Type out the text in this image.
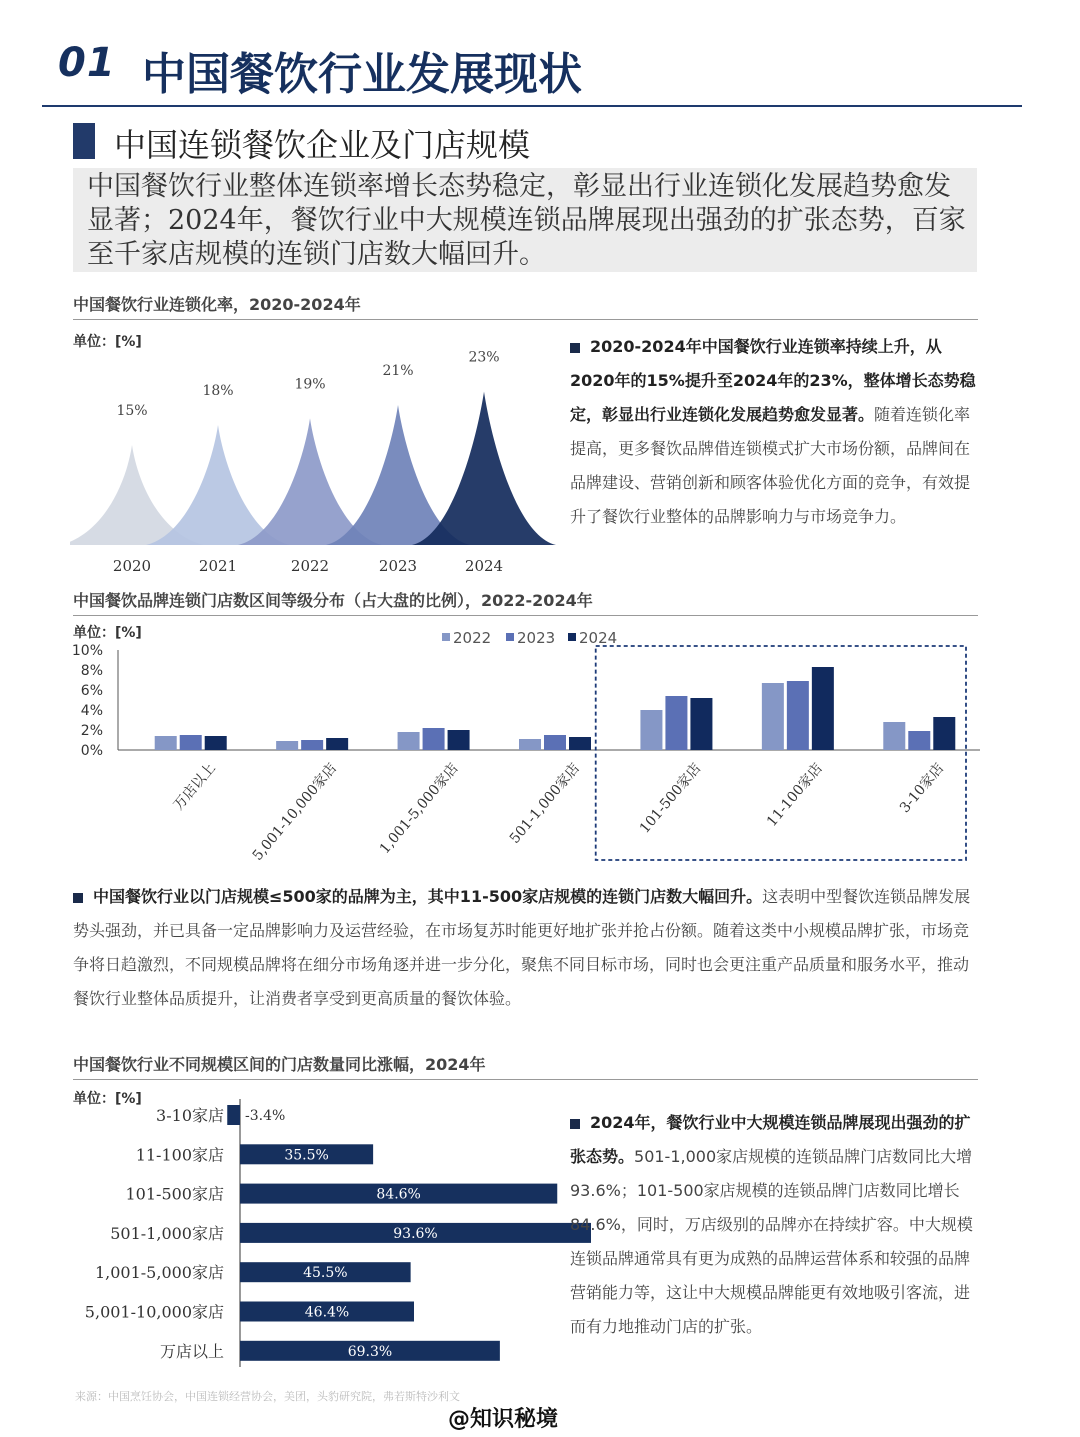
01 中国餐饮行业发展现状
中国连锁餐饮企业及门店规模
中国餐饮行业整体连锁率增长态势稳定，彰显出行业连锁化发展趋势愈发显著；2024年，餐饮行业中大规模连锁品牌展现出强劲的扩张态势，百家至千家店规模的连锁门店数大幅回升。
中国餐饮行业连锁化率，2020-2024年
单位：[%]
15%
2020
18%
2021
19%
2022
21%
2023
23%
2024
2020-2024年中国餐饮行业连锁率持续上升，从2020年的15%提升至2024年的23%，整体增长态势稳定，彰显出行业连锁化发展趋势愈发显著。随着连锁化率提高，更多餐饮品牌借连锁模式扩大市场份额，品牌间在品牌建设、营销创新和顾客体验优化方面的竞争，有效提升了餐饮行业整体的品牌影响力与市场竞争力。
中国餐饮品牌连锁门店数区间等级分布（占大盘的比例），2022-2024年
单位：[%]
0%
2%
4%
6%
8%
10%
2022 2023 2024
万店以上 5,001-10,000家店	1,001-5,000家店	501-1,000家店	101-500家店	11-100家店	3-10家店
中国餐饮行业以门店规模≤500家的品牌为主，其中11-500家店规模的连锁门店数大幅回升。这表明中型餐饮连锁品牌发展势头强劲，并已具备一定品牌影响力及运营经验，在市场复苏时能更好地扩张并抢占份额。随着这类中小规模品牌扩张，市场竞争将日趋激烈，不同规模品牌将在细分市场角逐并进一步分化，聚焦不同目标市场，同时也会更注重产品质量和服务水平，推动餐饮行业整体品质提升，让消费者享受到更高质量的餐饮体验。
中国餐饮行业不同规模区间的门店数量同比涨幅，2024年
单位：[%]
3-10家店 -3.4%
11-100家店	35.5%
101-500家店	84.6%
501-1,000家店	93.6%
1,001-5,000家店	45.5%
5,001-10,000家店	46.4%
万店以上	69.3%
2024年，餐饮行业中大规模连锁品牌展现出强劲的扩张态势。501-1,000家店规模的连锁品牌门店数同比大增93.6%；101-500家店规模的连锁品牌门店数同比增长84.6%，同时，万店级别的品牌亦在持续扩容。中大规模连锁品牌通常具有更为成熟的品牌运营体系和较强的品牌营销能力等，这让中大规模品牌能更有效地吸引客流，进而有力地推动门店的扩张。
来源：中国烹饪协会，中国连锁经营协会，美团，头豹研究院，弗若斯特沙利文
@知识秘境
